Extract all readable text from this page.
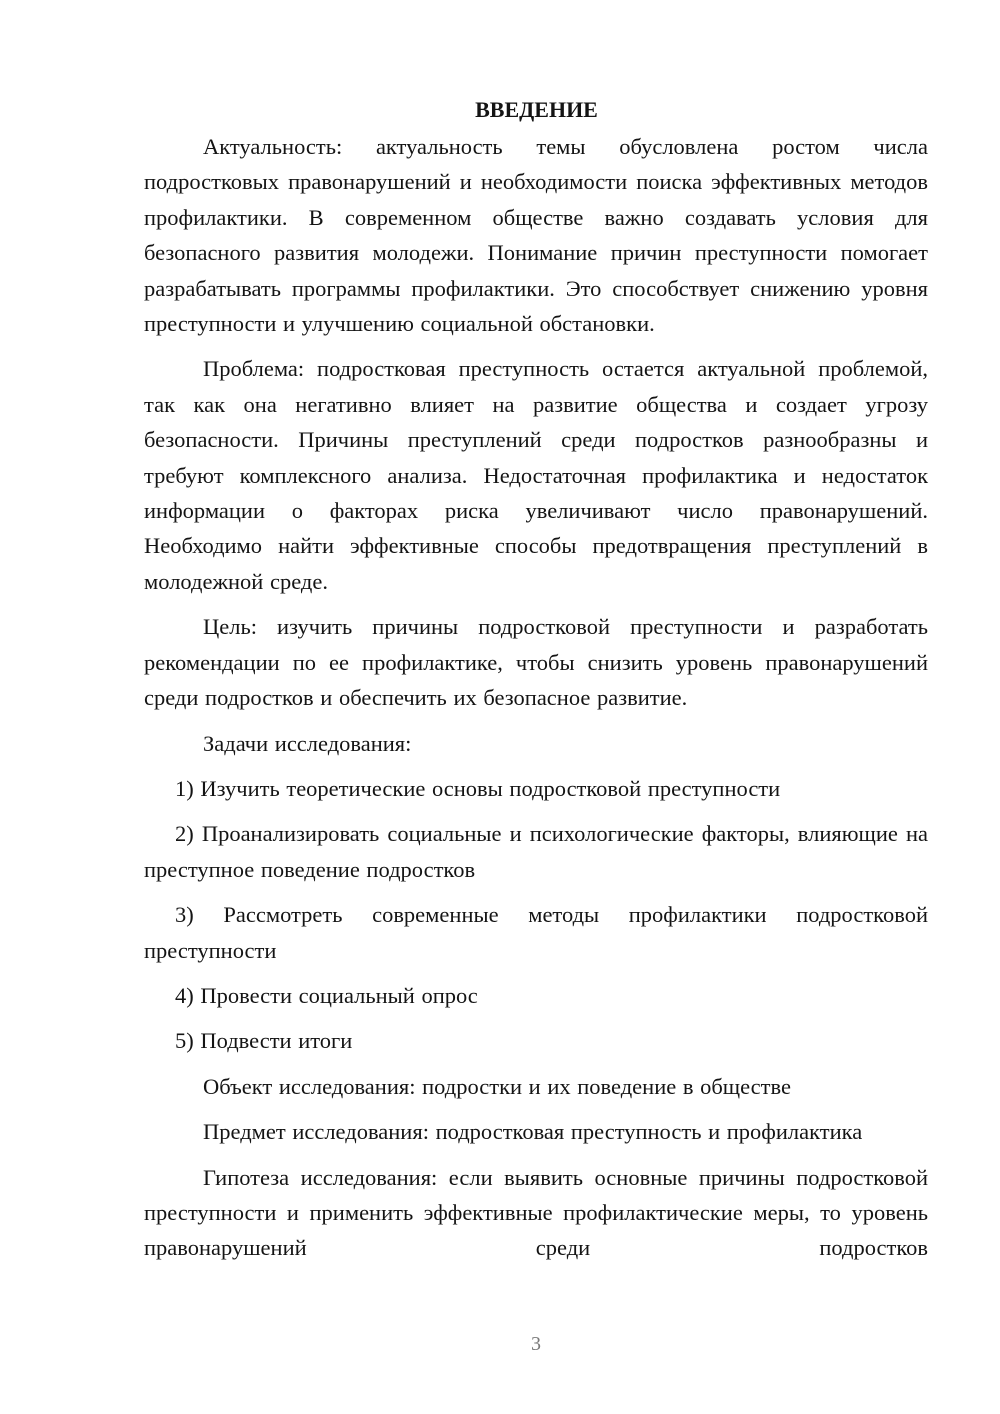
ВВЕДЕНИЕ

Актуальность: актуальность темы обусловлена ростом числа подростковых правонарушений и необходимости поиска эффективных методов профилактики. В современном обществе важно создавать условия для безопасного развития молодежи. Понимание причин преступности помогает разрабатывать программы профилактики. Это способствует снижению уровня преступности и улучшению социальной обстановки.

Проблема: подростковая преступность остается актуальной проблемой, так как она негативно влияет на развитие общества и создает угрозу безопасности. Причины преступлений среди подростков разнообразны и требуют комплексного анализа. Недостаточная профилактика и недостаток информации о факторах риска увеличивают число правонарушений. Необходимо найти эффективные способы предотвращения преступлений в молодежной среде.

Цель: изучить причины подростковой преступности и разработать рекомендации по ее профилактике, чтобы снизить уровень правонарушений среди подростков и обеспечить их безопасное развитие.

Задачи исследования:

1) Изучить теоретические основы подростковой преступности

2) Проанализировать социальные и психологические факторы, влияющие на преступное поведение подростков

3) Рассмотреть современные методы профилактики подростковой преступности

4) Провести социальный опрос

5) Подвести итоги

Объект исследования: подростки и их поведение в обществе

Предмет исследования: подростковая преступность и профилактика

Гипотеза исследования: если выявить основные причины подростковой преступности и применить эффективные профилактические меры, то уровень правонарушений среди подростков

3
